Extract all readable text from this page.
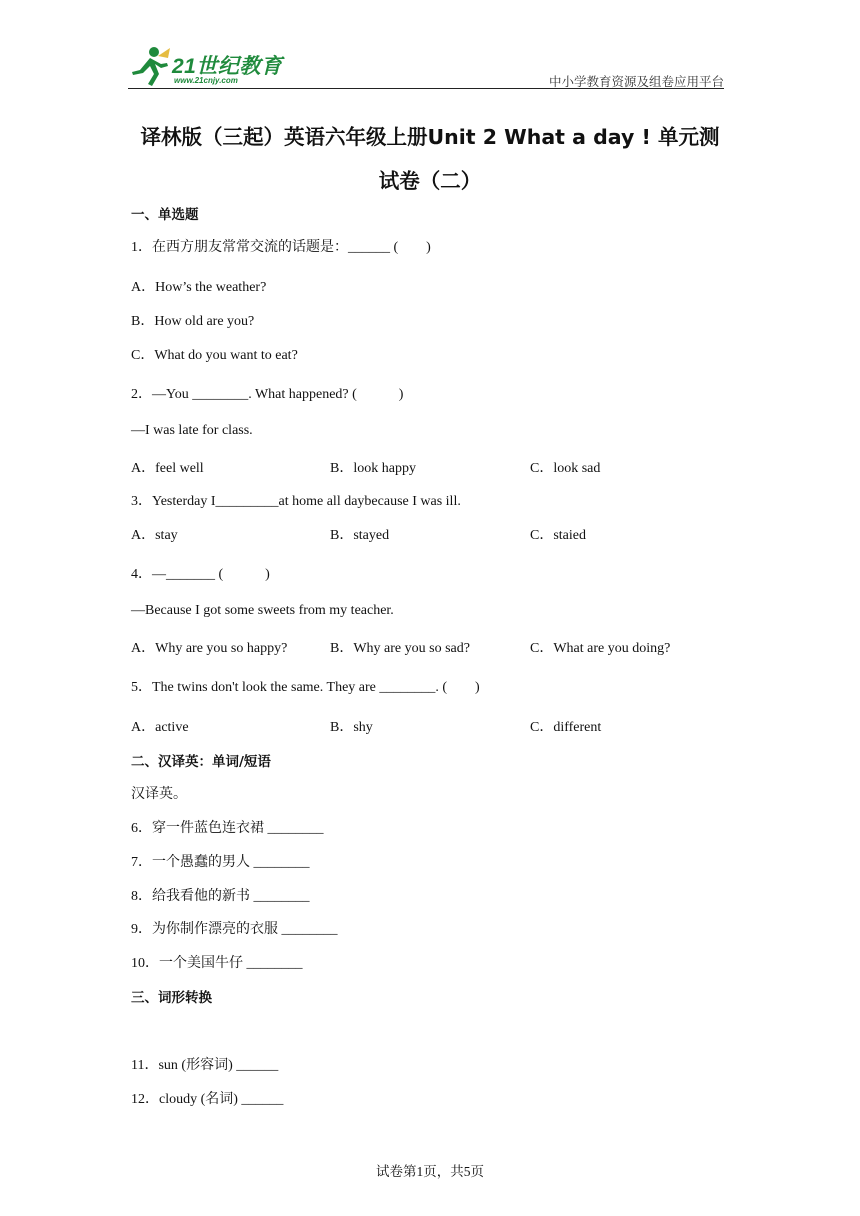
21世纪教育
www.21cnjy.com	中小学教育资源及组卷应用平台
译林版（三起）英语六年级上册Unit 2 What a day ! 单元测
试卷（二）
一、单选题
1．在西方朋友常常交流的话题是：______ (　　)
A．How’s the weather?
B．How old are you?
C．What do you want to eat?
2．—You ________. What happened? (　　　)
—I was late for class.
A．feel well	B．look happy	C．look sad
3．Yesterday I_________at home all daybecause I was ill.
A．stay	B．stayed	C．staied
4．—_______ (　　　)
—Because I got some sweets from my teacher.
A．Why are you so happy?	B．Why are you so sad?	C．What are you doing?
5．The twins don't look the same. They are ________. (　　)
A．active	B．shy	C．different
二、汉译英：单词/短语
汉译英。
6．穿一件蓝色连衣裙 ________
7．一个愚蠢的男人 ________
8．给我看他的新书 ________
9．为你制作漂亮的衣服 ________
10．一个美国牛仔 ________
三、词形转换
11．sun (形容词) ______
12．cloudy (名词) ______
试卷第1页，共5页
